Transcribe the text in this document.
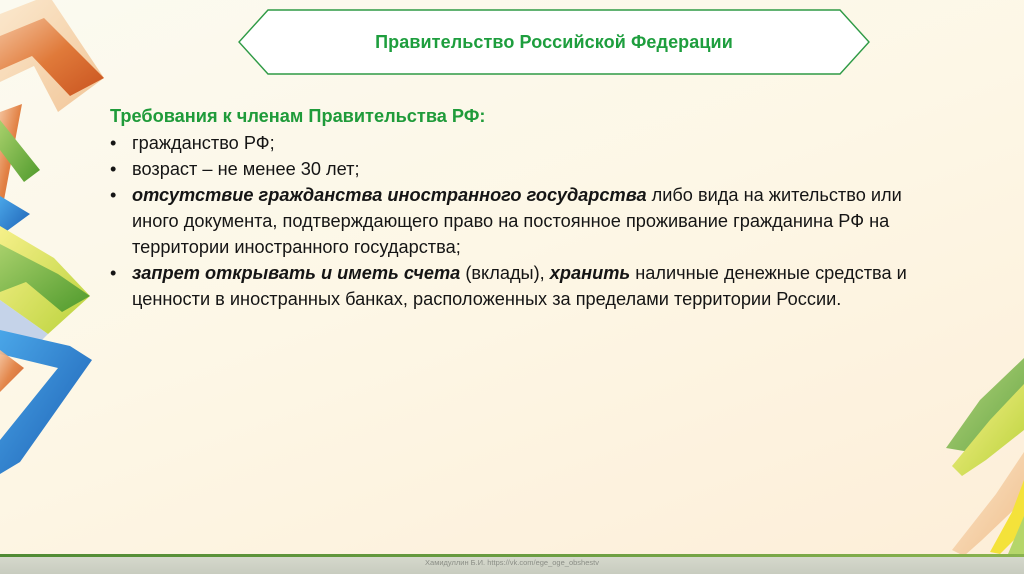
Правительство Российской Федерации
Требования к членам Правительства РФ:
• гражданство РФ;
• возраст – не менее 30 лет;
• отсутствие гражданства иностранного государства либо вида на жительство или иного документа, подтверждающего право на постоянное проживание гражданина РФ на территории иностранного государства;
• запрет открывать и иметь счета (вклады), хранить наличные денежные средства и ценности в иностранных банках, расположенных за пределами территории России.
Хамидуллин Б.И. https://vk.com/ege_oge_obshestv
